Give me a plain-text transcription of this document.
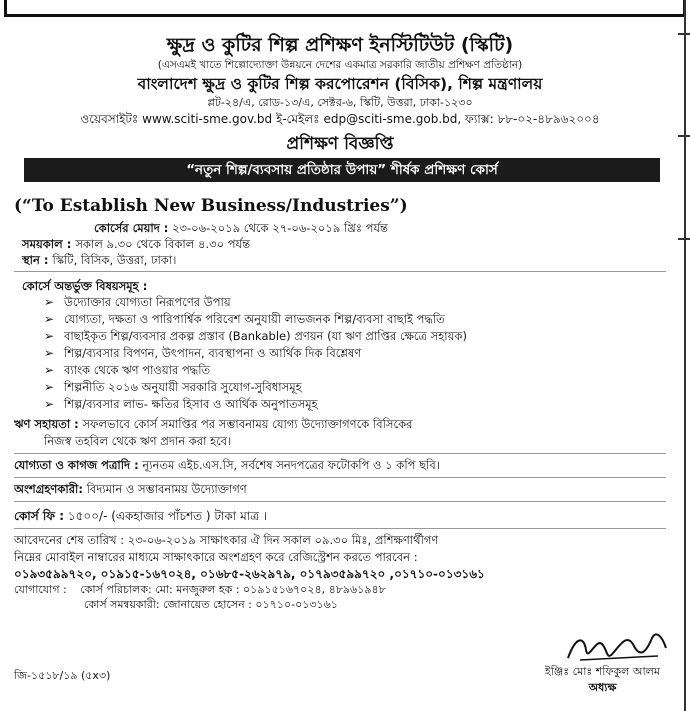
ক্ষুদ্র ও কুটির শিল্প প্রশিক্ষণ ইনস্টিটিউট (স্কিটি)
(এসএমই খাতে শিল্পোদ্যোক্তা উন্নয়নে দেশের একমাত্র সরকারি জাতীয় প্রশিক্ষণ প্রতিষ্ঠান)
বাংলাদেশ ক্ষুদ্র ও কুটির শিল্প করপোরেশন (বিসিক), শিল্প মন্ত্রণালয়
প্লট-২৪/এ, রোড-১৩/এ, সেক্টর-৬, স্কিটি, উত্তরা, ঢাকা-১২৩০
ওয়েবসাইটঃ www.sciti-sme.gov.bd ই-মেইলঃ edp@sciti-sme.gob.bd, ফ্যাক্স: ৮৮-০২-৪৮৯৬২০০৪
প্রশিক্ষণ বিজ্ঞপ্তি
“নতুন শিল্প/ব্যবসায় প্রতিষ্ঠার উপায়” শীর্ষক প্রশিক্ষণ কোর্স
(“To Establish New Business/Industries”)
কোর্সের মেয়াদ : ২৩-০৬-২০১৯ থেকে ২৭-০৬-২০১৯ খ্রিঃ পর্যন্ত
সময়কাল : সকাল ৯.৩০ থেকে বিকাল ৪.৩০ পর্যন্ত
স্থান : স্কিটি, বিসিক, উত্তরা, ঢাকা।
কোর্সে অন্তর্ভুক্ত বিষয়সমূহ :
➢ উদ্যোক্তার যোগ্যতা নিরূপণের উপায়
➢ যোগ্যতা, দক্ষতা ও পারিপার্শ্বিক পরিবেশ অনুযায়ী লাভজনক শিল্প/ব্যবসা বাছাই পদ্ধতি
➢ বাছাইকৃত শিল্প/ব্যবসার প্রকল্প প্রস্তাব (Bankable) প্রণয়ন (যা ঋণ প্রাপ্তির ক্ষেত্রে সহায়ক)
➢ শিল্প/ব্যবসার বিপণন, উৎপাদন, ব্যবস্থাপনা ও আর্থিক দিক বিশ্লেষণ
➢ ব্যাংক থেকে ঋণ পাওয়ার পদ্ধতি
➢ শিল্পনীতি ২০১৬ অনুযায়ী সরকারি সুযোগ-সুবিধাসমূহ
➢ শিল্প/ব্যবসার লাভ- ক্ষতির হিসাব ও আর্থিক অনুপাতসমূহ
ঋণ সহায়তা : সফলভাবে কোর্স সমাপ্তির পর সম্ভাবনাময় যোগ্য উদ্যোক্তাগণকে বিসিকের
নিজস্ব তহবিল থেকে ঋণ প্রদান করা হবে।
যোগ্যতা ও কাগজ পত্রাদি : ন্যূনতম এইচ.এস.সি, সর্বশেষ সনদপত্রের ফটোকপি ও ১ কপি ছবি।
অংশগ্রহণকারী: বিদ্যমান ও সম্ভাবনাময় উদ্যোক্তাগণ
কোর্স ফি : ১৫০০/- (একহাজার পাঁচশত ) টাকা মাত্র ।
আবেদনের শেষ তারিখ : ২৩-০৬-২০১৯ সাক্ষাৎকার ঐ দিন সকাল ০৯.৩০ মিঃ, প্রশিক্ষণার্থীগণ
নিম্নের মোবাইল নাম্বারের মাধ্যমে সাক্ষাৎকারে অংশগ্রহণ করে রেজিস্ট্রেশন করতে পারবেন :
০১৯৩৫৯৯৭২০, ০১৯১৫-১৬৭০২৪, ০১৬৮৫-২৬২৯৭৯, ০১৭৯৩৫৯৯৭২০ ,০১৭১০-০১৩১৬১
যোগাযোগ : কোর্স পরিচালক: মো: মনজুরুল হক : ০১৯১৫১৬৭০২৪, ৪৮৯৬১৯৪৮
কোর্স সমন্বয়কারী: জোনায়েত হোসেন : ০১৭১০-০১৩১৬১
জি-১৫১৮/১৯ (৫x৩)	ইঞ্জিঃ মোঃ শফিকুল আলম
অধ্যক্ষ
